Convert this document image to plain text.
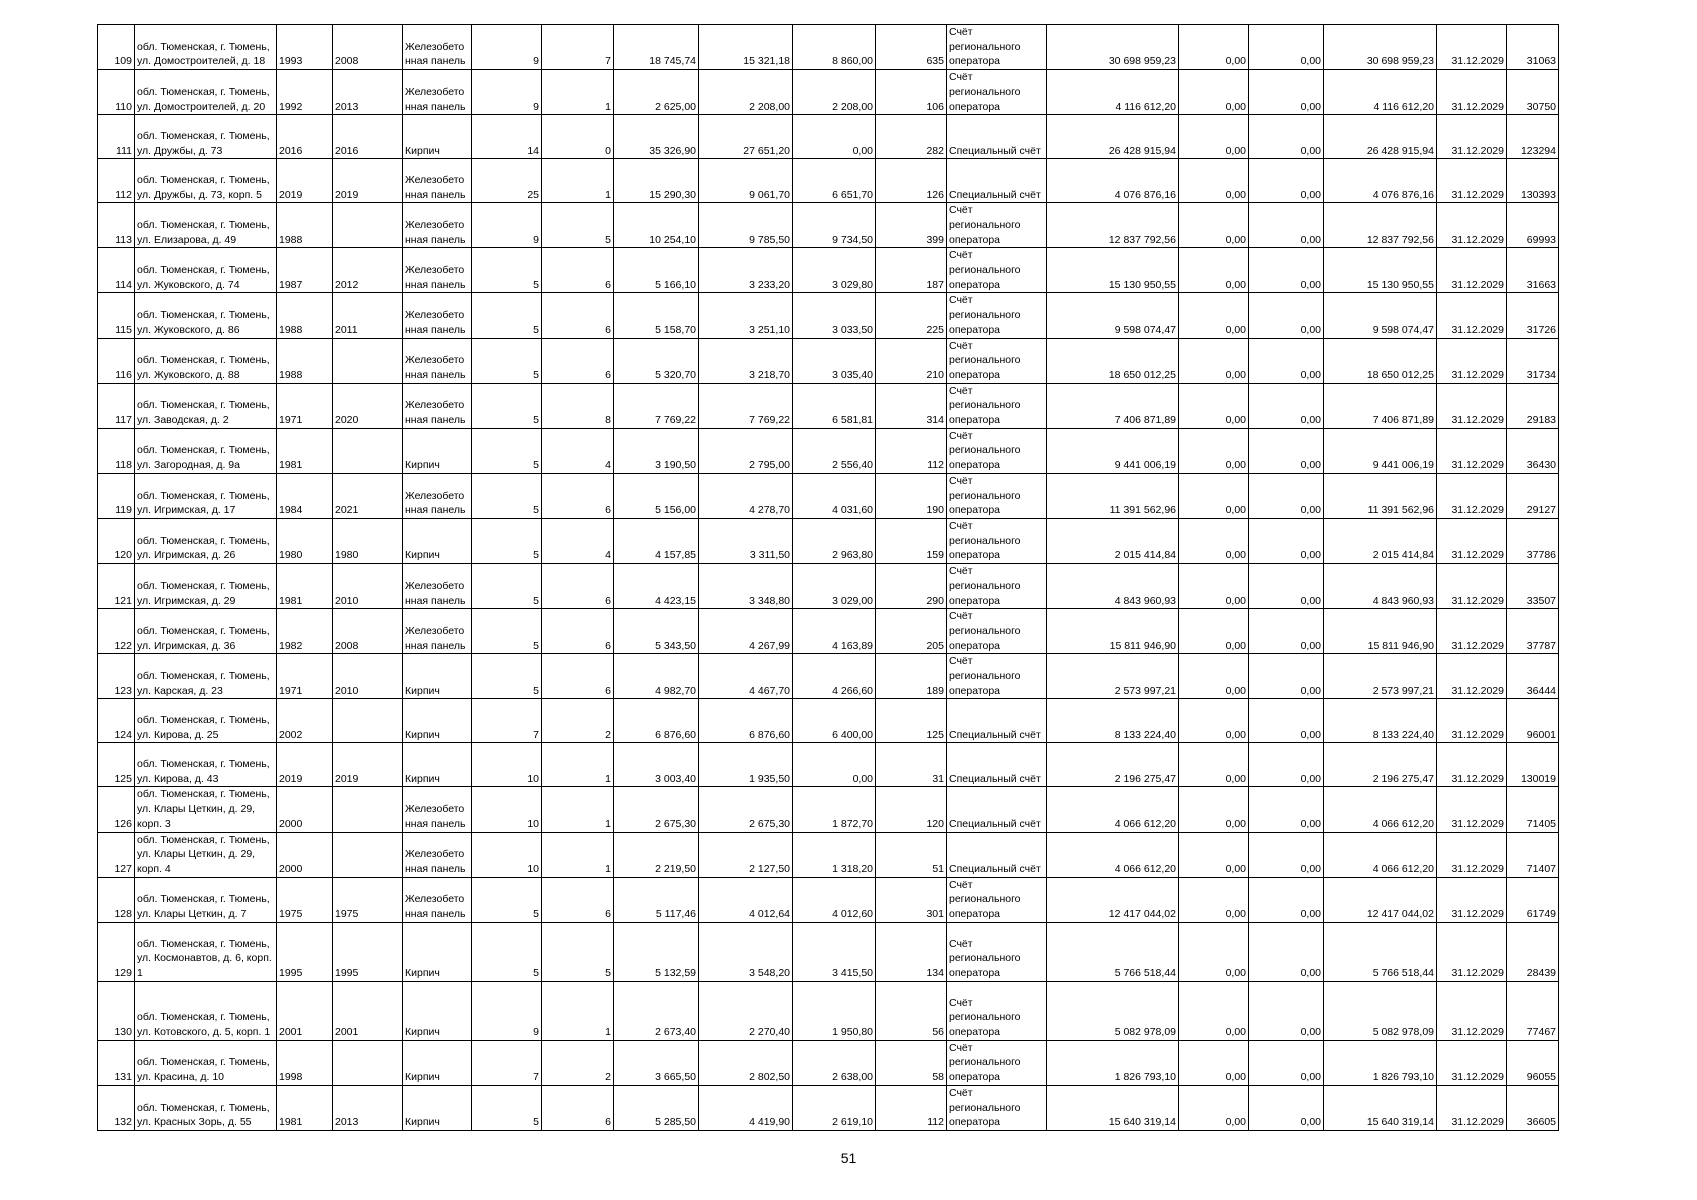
109	обл. Тюменская, г. Тюмень, ул. Домостроителей, д. 18	1993	2008	Железобетонная панель	9	7	18 745,74	15 321,18	8 860,00	635	Счёт регионального оператора	30 698 959,23	0,00	0,00	30 698 959,23	31.12.2029	31063
110	обл. Тюменская, г. Тюмень, ул. Домостроителей, д. 20	1992	2013	Железобетонная панель	9	1	2 625,00	2 208,00	2 208,00	106	Счёт регионального оператора	4 116 612,20	0,00	0,00	4 116 612,20	31.12.2029	30750
111	обл. Тюменская, г. Тюмень, ул. Дружбы, д. 73	2016	2016	Кирпич	14	0	35 326,90	27 651,20	0,00	282	Специальный счёт	26 428 915,94	0,00	0,00	26 428 915,94	31.12.2029	123294
112	обл. Тюменская, г. Тюмень, ул. Дружбы, д. 73, корп. 5	2019	2019	Железобетонная панель	25	1	15 290,30	9 061,70	6 651,70	126	Специальный счёт	4 076 876,16	0,00	0,00	4 076 876,16	31.12.2029	130393
113	обл. Тюменская, г. Тюмень, ул. Елизарова, д. 49	1988		Железобетонная панель	9	5	10 254,10	9 785,50	9 734,50	399	Счёт регионального оператора	12 837 792,56	0,00	0,00	12 837 792,56	31.12.2029	69993
114	обл. Тюменская, г. Тюмень, ул. Жуковского, д. 74	1987	2012	Железобетонная панель	5	6	5 166,10	3 233,20	3 029,80	187	Счёт регионального оператора	15 130 950,55	0,00	0,00	15 130 950,55	31.12.2029	31663
115	обл. Тюменская, г. Тюмень, ул. Жуковского, д. 86	1988	2011	Железобетонная панель	5	6	5 158,70	3 251,10	3 033,50	225	Счёт регионального оператора	9 598 074,47	0,00	0,00	9 598 074,47	31.12.2029	31726
116	обл. Тюменская, г. Тюмень, ул. Жуковского, д. 88	1988		Железобетонная панель	5	6	5 320,70	3 218,70	3 035,40	210	Счёт регионального оператора	18 650 012,25	0,00	0,00	18 650 012,25	31.12.2029	31734
117	обл. Тюменская, г. Тюмень, ул. Заводская, д. 2	1971	2020	Железобетонная панель	5	8	7 769,22	7 769,22	6 581,81	314	Счёт регионального оператора	7 406 871,89	0,00	0,00	7 406 871,89	31.12.2029	29183
118	обл. Тюменская, г. Тюмень, ул. Загородная, д. 9а	1981		Кирпич	5	4	3 190,50	2 795,00	2 556,40	112	Счёт регионального оператора	9 441 006,19	0,00	0,00	9 441 006,19	31.12.2029	36430
119	обл. Тюменская, г. Тюмень, ул. Игримская, д. 17	1984	2021	Железобетонная панель	5	6	5 156,00	4 278,70	4 031,60	190	Счёт регионального оператора	11 391 562,96	0,00	0,00	11 391 562,96	31.12.2029	29127
120	обл. Тюменская, г. Тюмень, ул. Игримская, д. 26	1980	1980	Кирпич	5	4	4 157,85	3 311,50	2 963,80	159	Счёт регионального оператора	2 015 414,84	0,00	0,00	2 015 414,84	31.12.2029	37786
121	обл. Тюменская, г. Тюмень, ул. Игримская, д. 29	1981	2010	Железобетонная панель	5	6	4 423,15	3 348,80	3 029,00	290	Счёт регионального оператора	4 843 960,93	0,00	0,00	4 843 960,93	31.12.2029	33507
122	обл. Тюменская, г. Тюмень, ул. Игримская, д. 36	1982	2008	Железобетонная панель	5	6	5 343,50	4 267,99	4 163,89	205	Счёт регионального оператора	15 811 946,90	0,00	0,00	15 811 946,90	31.12.2029	37787
123	обл. Тюменская, г. Тюмень, ул. Карская, д. 23	1971	2010	Кирпич	5	6	4 982,70	4 467,70	4 266,60	189	Счёт регионального оператора	2 573 997,21	0,00	0,00	2 573 997,21	31.12.2029	36444
124	обл. Тюменская, г. Тюмень, ул. Кирова, д. 25	2002		Кирпич	7	2	6 876,60	6 876,60	6 400,00	125	Специальный счёт	8 133 224,40	0,00	0,00	8 133 224,40	31.12.2029	96001
125	обл. Тюменская, г. Тюмень, ул. Кирова, д. 43	2019	2019	Кирпич	10	1	3 003,40	1 935,50	0,00	31	Специальный счёт	2 196 275,47	0,00	0,00	2 196 275,47	31.12.2029	130019
126	обл. Тюменская, г. Тюмень, ул. Клары Цеткин, д. 29, корп. 3	2000		Железобетонная панель	10	1	2 675,30	2 675,30	1 872,70	120	Специальный счёт	4 066 612,20	0,00	0,00	4 066 612,20	31.12.2029	71405
127	обл. Тюменская, г. Тюмень, ул. Клары Цеткин, д. 29, корп. 4	2000		Железобетонная панель	10	1	2 219,50	2 127,50	1 318,20	51	Специальный счёт	4 066 612,20	0,00	0,00	4 066 612,20	31.12.2029	71407
128	обл. Тюменская, г. Тюмень, ул. Клары Цеткин, д. 7	1975	1975	Железобетонная панель	5	6	5 117,46	4 012,64	4 012,60	301	Счёт регионального оператора	12 417 044,02	0,00	0,00	12 417 044,02	31.12.2029	61749
129	обл. Тюменская, г. Тюмень, ул. Космонавтов, д. 6, корп. 1	1995	1995	Кирпич	5	5	5 132,59	3 548,20	3 415,50	134	Счёт регионального оператора	5 766 518,44	0,00	0,00	5 766 518,44	31.12.2029	28439
130	обл. Тюменская, г. Тюмень, ул. Котовского, д. 5, корп. 1	2001	2001	Кирпич	9	1	2 673,40	2 270,40	1 950,80	56	Счёт регионального оператора	5 082 978,09	0,00	0,00	5 082 978,09	31.12.2029	77467
131	обл. Тюменская, г. Тюмень, ул. Красина, д. 10	1998		Кирпич	7	2	3 665,50	2 802,50	2 638,00	58	Счёт регионального оператора	1 826 793,10	0,00	0,00	1 826 793,10	31.12.2029	96055
132	обл. Тюменская, г. Тюмень, ул. Красных Зорь, д. 55	1981	2013	Кирпич	5	6	5 285,50	4 419,90	2 619,10	112	Счёт регионального оператора	15 640 319,14	0,00	0,00	15 640 319,14	31.12.2029	36605
51
